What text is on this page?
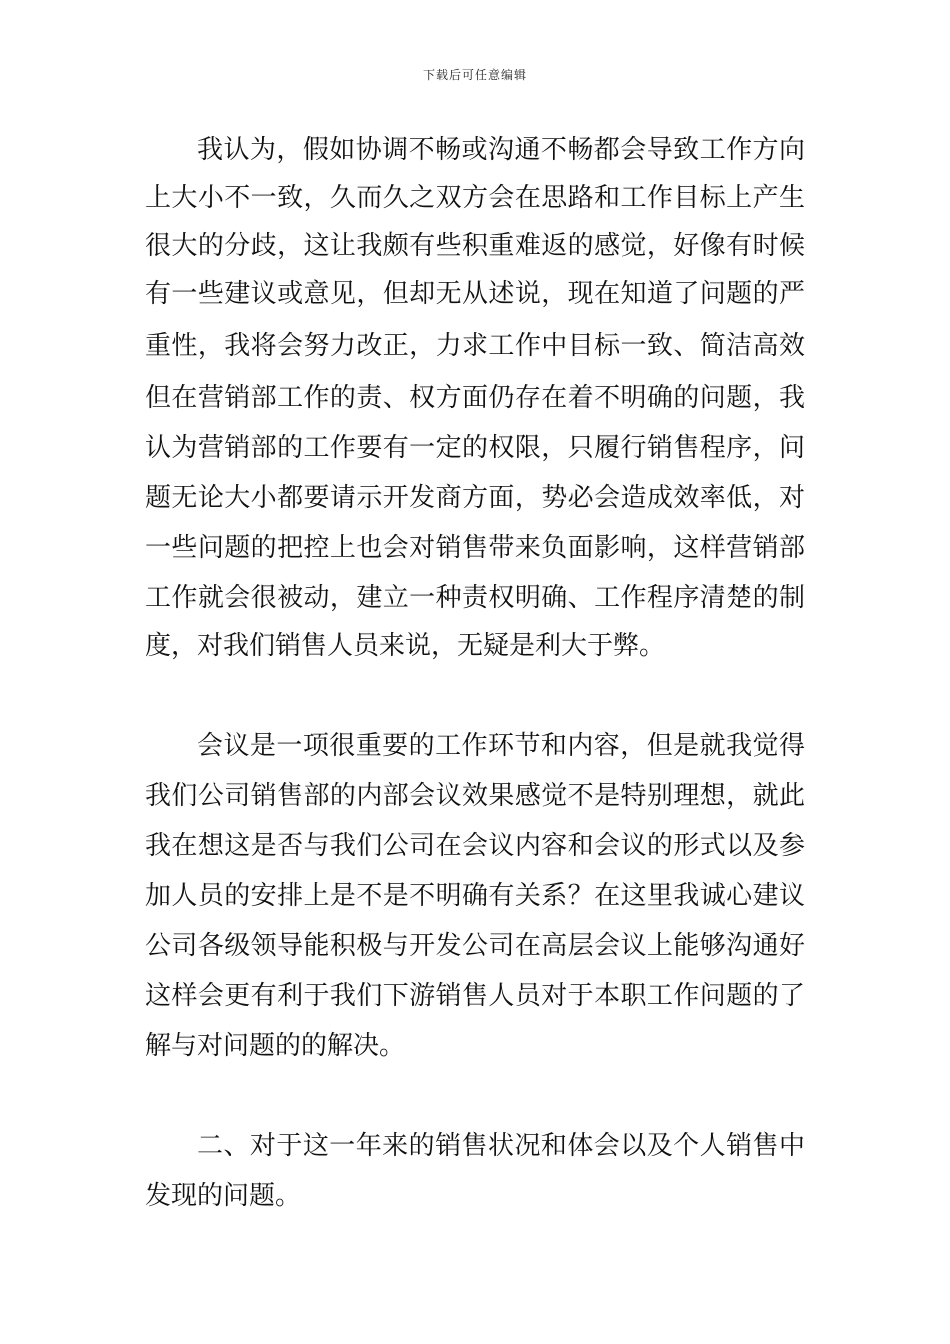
下载后可任意编辑
我认为，假如协调不畅或沟通不畅都会导致工作方向
上大小不一致，久而久之双方会在思路和工作目标上产生
很大的分歧，这让我颇有些积重难返的感觉，好像有时候
有一些建议或意见，但却无从述说，现在知道了问题的严
重性，我将会努力改正，力求工作中目标一致、简洁高效
但在营销部工作的责、权方面仍存在着不明确的问题，我
认为营销部的工作要有一定的权限，只履行销售程序，问
题无论大小都要请示开发商方面，势必会造成效率低，对
一些问题的把控上也会对销售带来负面影响，这样营销部
工作就会很被动，建立一种责权明确、工作程序清楚的制
度，对我们销售人员来说，无疑是利大于弊。
会议是一项很重要的工作环节和内容，但是就我觉得
我们公司销售部的内部会议效果感觉不是特别理想，就此
我在想这是否与我们公司在会议内容和会议的形式以及参
加人员的安排上是不是不明确有关系？在这里我诚心建议
公司各级领导能积极与开发公司在高层会议上能够沟通好
这样会更有利于我们下游销售人员对于本职工作问题的了
解与对问题的的解决。
二、对于这一年来的销售状况和体会以及个人销售中
发现的问题。
